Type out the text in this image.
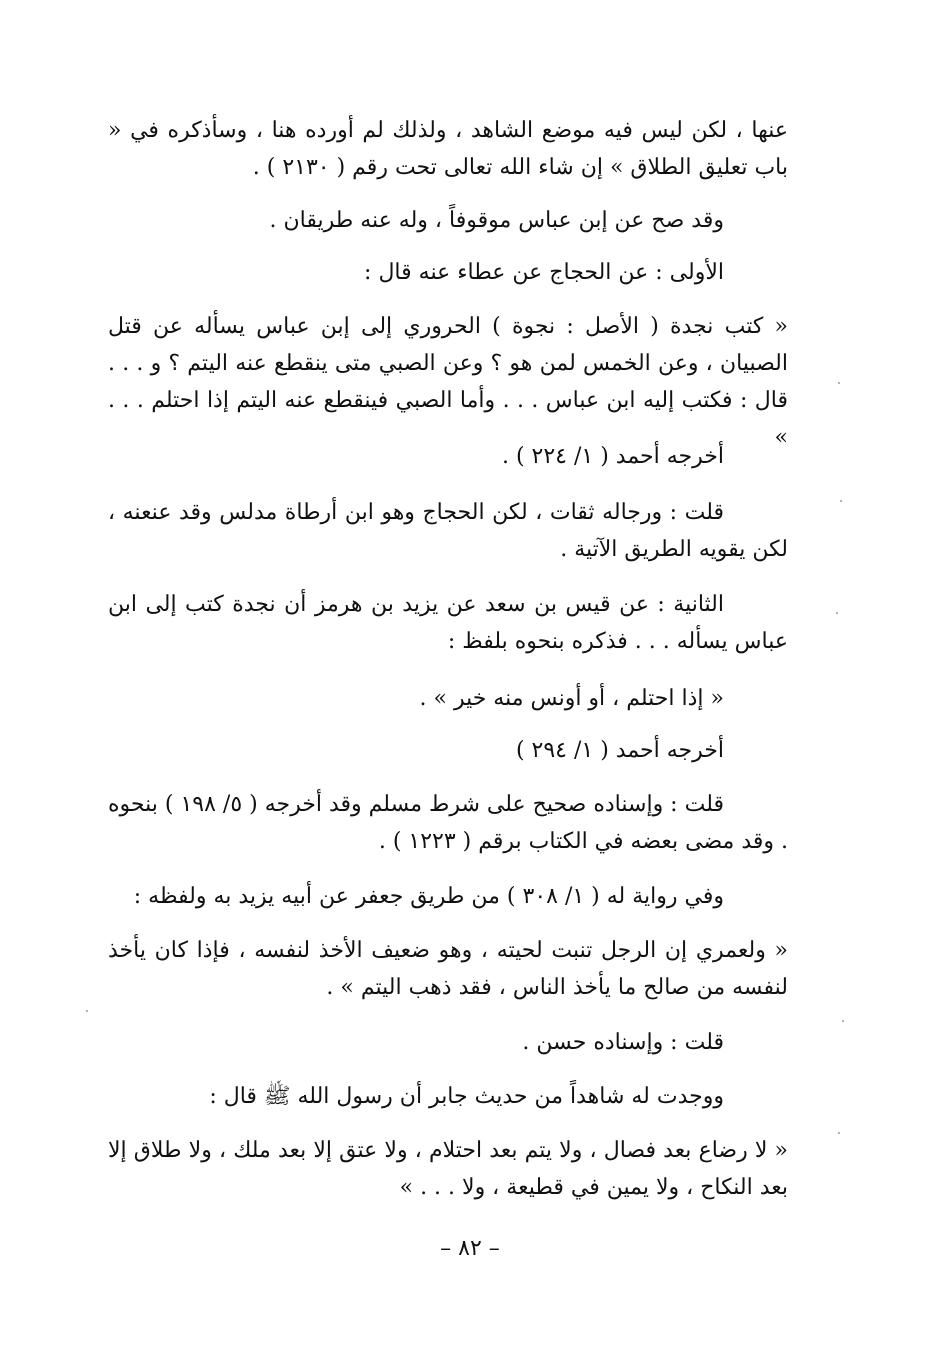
عنها ، لكن ليس فيه موضع الشاهد ، ولذلك لم أورده هنا ، وسأذكره في « باب تعليق الطلاق » إن شاء الله تعالى تحت رقم ( ٢١٣٠ ) .

وقد صح عن إبن عباس موقوفاً ، وله عنه طريقان .

الأولى : عن الحجاج عن عطاء عنه قال :

« كتب نجدة ( الأصل : نجوة ) الحروري إلى إبن عباس يسأله عن قتل الصبيان ، وعن الخمس لمن هو ؟ وعن الصبي متى ينقطع عنه اليتم ؟ و . . . قال : فكتب إليه ابن عباس . . . وأما الصبي فينقطع عنه اليتم إذا احتلم . . . »

أخرجه أحمد ( ١/ ٢٢٤ ) .

قلت : ورجاله ثقات ، لكن الحجاج وهو ابن أرطاة مدلس وقد عنعنه ، لكن يقويه الطريق الآتية .

الثانية : عن قيس بن سعد عن يزيد بن هرمز أن نجدة كتب إلى ابن عباس يسأله . . . فذكره بنحوه بلفظ :

« إذا احتلم ، أو أونس منه خير » .

أخرجه أحمد ( ١/ ٢٩٤ )

قلت : وإسناده صحيح على شرط مسلم وقد أخرجه ( ٥/ ١٩٨ ) بنحوه . وقد مضى بعضه في الكتاب برقم ( ١٢٢٣ ) .

وفي رواية له ( ١/ ٣٠٨ ) من طريق جعفر عن أبيه يزيد به ولفظه :

« ولعمري إن الرجل تنبت لحيته ، وهو ضعيف الأخذ لنفسه ، فإذا كان يأخذ لنفسه من صالح ما يأخذ الناس ، فقد ذهب اليتم » .

قلت : وإسناده حسن .

ووجدت له شاهداً من حديث جابر أن رسول الله ﷺ قال :

« لا رضاع بعد فصال ، ولا يتم بعد احتلام ، ولا عتق إلا بعد ملك ، ولا طلاق إلا بعد النكاح ، ولا يمين في قطيعة ، ولا . . . »

– ٨٢ –
